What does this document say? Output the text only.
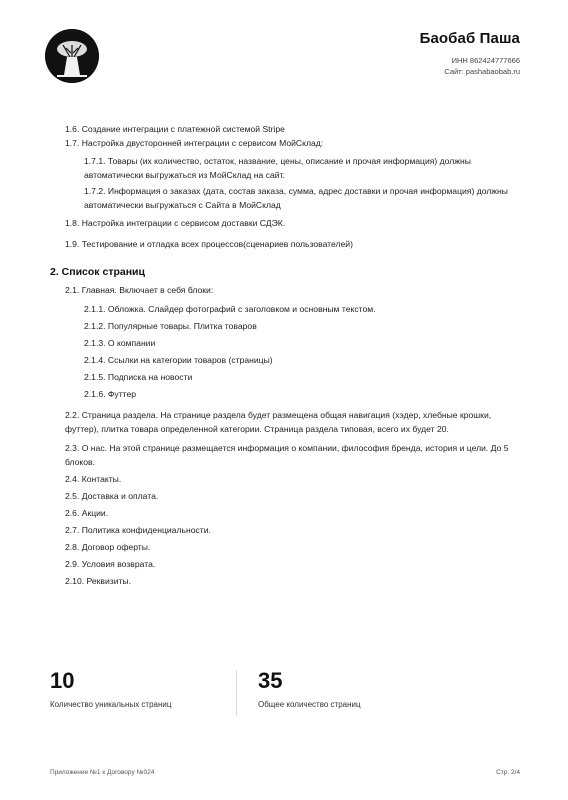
Баобаб Паша
ИНН 862424777666
Сайт: pashabaobab.ru
1.6. Создание интеграции с платежной системой Stripe
1.7. Настройка двусторонней интеграции с сервисом МойСклад:
1.7.1. Товары (их количество, остаток, название, цены, описание и прочая информация) должны автоматически выгружаться из МойСклад на сайт.
1.7.2. Информация о заказах (дата, состав заказа, сумма, адрес доставки и прочая информация) должны автоматически выгружаться с Сайта в МойСклад
1.8. Настройка интеграции с сервисом доставки СДЭК.
1.9. Тестирование и отладка всех процессов(сценариев пользователей)
2. Список страниц
2.1. Главная. Включает в себя блоки:
2.1.1. Обложка. Слайдер фотографий с заголовком и основным текстом.
2.1.2. Популярные товары. Плитка товаров
2.1.3. О компании
2.1.4. Ссылки на категории товаров (страницы)
2.1.5. Подписка на новости
2.1.6. Футтер
2.2. Страница раздела. На странице раздела будет размещена общая навигация (хэдер, хлебные крошки, футтер), плитка товара определенной категории. Страница раздела типовая, всего их будет 20.
2.3. О нас. На этой странице размещается информация о компании, философия бренда, история и цели. До 5 блоков.
2.4. Контакты.
2.5. Доставка и оплата.
2.6. Акции.
2.7. Политика конфиденциальности.
2.8. Договор оферты.
2.9. Условия возврата.
2.10. Реквизиты.
10
Количество уникальных страниц
35
Общее количество страниц
Приложение №1 к Договору №024	Стр. 2/4
